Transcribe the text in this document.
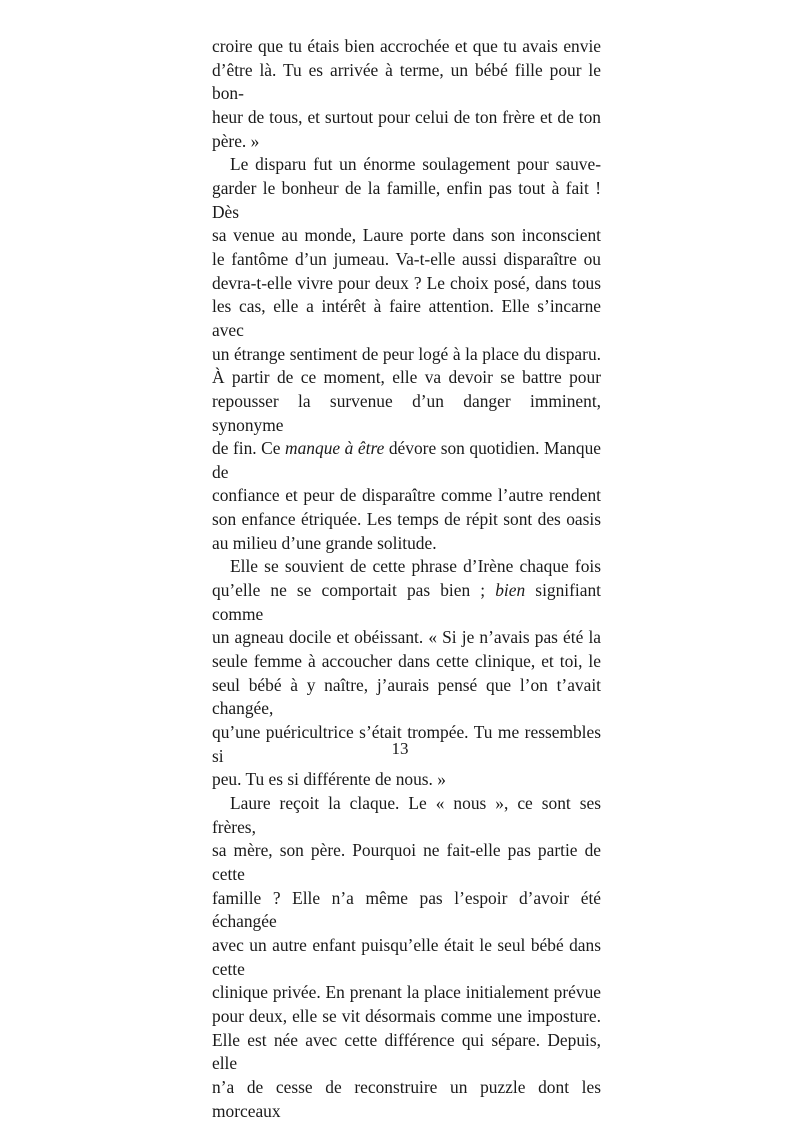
croire que tu étais bien accrochée et que tu avais envie
d’être là. Tu es arrivée à terme, un bébé fille pour le bon-
heur de tous, et surtout pour celui de ton frère et de ton
père. »
Le disparu fut un énorme soulagement pour sauve-
garder le bonheur de la famille, enfin pas tout à fait ! Dès
sa venue au monde, Laure porte dans son inconscient
le fantôme d’un jumeau. Va-t-elle aussi disparaître ou
devra-t-elle vivre pour deux ? Le choix posé, dans tous
les cas, elle a intérêt à faire attention. Elle s’incarne avec
un étrange sentiment de peur logé à la place du disparu.
À partir de ce moment, elle va devoir se battre pour
repousser la survenue d’un danger imminent, synonyme
de fin. Ce manque à être dévore son quotidien. Manque de
confiance et peur de disparaître comme l’autre rendent
son enfance étriquée. Les temps de répit sont des oasis
au milieu d’une grande solitude.
Elle se souvient de cette phrase d’Irène chaque fois
qu’elle ne se comportait pas bien ; bien signifiant comme
un agneau docile et obéissant. « Si je n’avais pas été la
seule femme à accoucher dans cette clinique, et toi, le
seul bébé à y naître, j’aurais pensé que l’on t’avait changée,
qu’une puéricultrice s’était trompée. Tu me ressembles si
peu. Tu es si différente de nous. »
Laure reçoit la claque. Le « nous », ce sont ses frères,
sa mère, son père. Pourquoi ne fait-elle pas partie de cette
famille ? Elle n’a même pas l’espoir d’avoir été échangée
avec un autre enfant puisqu’elle était le seul bébé dans cette
clinique privée. En prenant la place initialement prévue
pour deux, elle se vit désormais comme une imposture.
Elle est née avec cette différence qui sépare. Depuis, elle
n’a de cesse de reconstruire un puzzle dont les morceaux
13
